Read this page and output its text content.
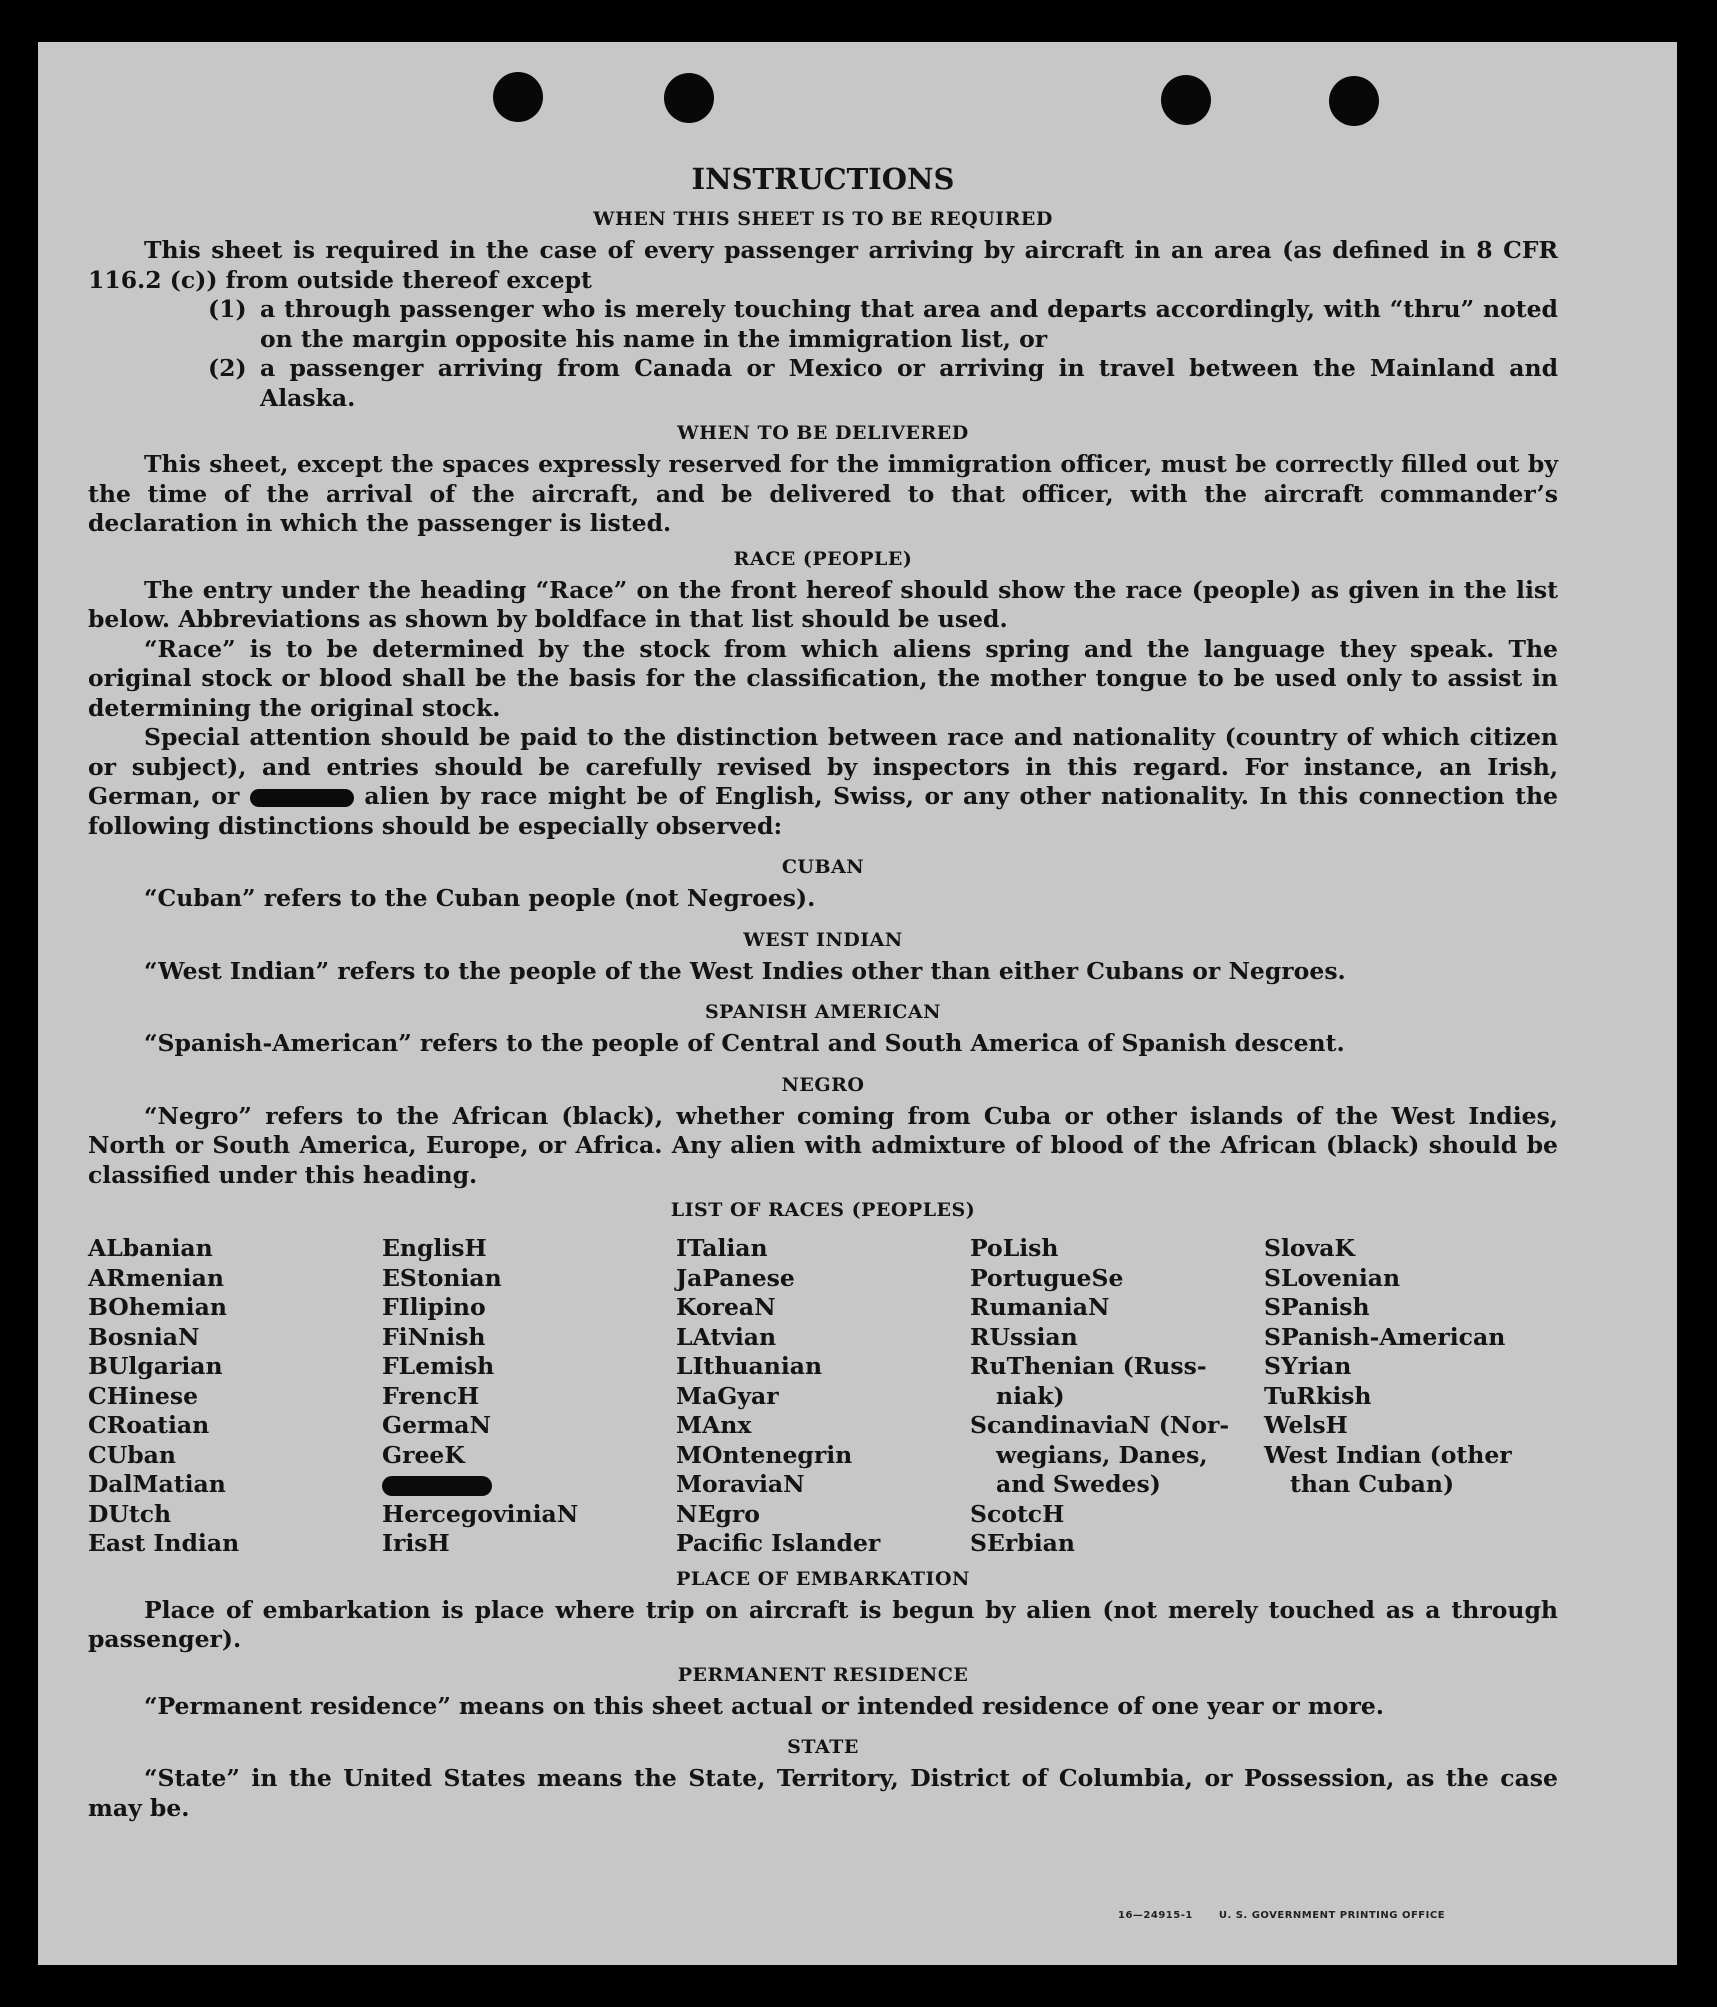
INSTRUCTIONS
WHEN THIS SHEET IS TO BE REQUIRED

This sheet is required in the case of every passenger arriving by aircraft in an area (as defined in 8 CFR 116.2 (c)) from outside thereof except

(1) a through passenger who is merely touching that area and departs accordingly, with “thru” noted on the margin opposite his name in the immigration list, or

(2) a passenger arriving from Canada or Mexico or arriving in travel between the Mainland and Alaska.

WHEN TO BE DELIVERED

This sheet, except the spaces expressly reserved for the immigration officer, must be correctly filled out by the time of the arrival of the aircraft, and be delivered to that officer, with the aircraft commander’s declaration in which the passenger is listed.

RACE (PEOPLE)

The entry under the heading “Race” on the front hereof should show the race (people) as given in the list below. Abbreviations as shown by boldface in that list should be used.

“Race” is to be determined by the stock from which aliens spring and the language they speak. The original stock or blood shall be the basis for the classification, the mother tongue to be used only to assist in determining the original stock.

Special attention should be paid to the distinction between race and nationality (country of which citizen or subject), and entries should be carefully revised by inspectors in this regard. For instance, an Irish, German, or	alien by race might be of English, Swiss, or any other nationality. In this connection the following distinctions should be especially observed:

CUBAN

“Cuban” refers to the Cuban people (not Negroes).

WEST INDIAN

“West Indian” refers to the people of the West Indies other than either Cubans or Negroes.

SPANISH AMERICAN

“Spanish-American” refers to the people of Central and South America of Spanish descent.

NEGRO

“Negro” refers to the African (black), whether coming from Cuba or other islands of the West Indies, North or South America, Europe, or Africa. Any alien with admixture of blood of the African (black) should be classified under this heading.

LIST OF RACES (PEOPLES)
ALbanian
ARmenian
BOhemian
BosniaN
BUlgarian
CHinese
CRoatian
CUban
DalMatian
DUtch
East Indian
EnglisH
EStonian
FIlipino
FiNnish
FLemish
FrencH
GermaN
GreeK
HercegoviniaN
IrisH
ITalian
JaPanese
KoreaN
LAtvian
LIthuanian
MaGyar
MAnx
MOntenegrin
MoraviaN
NEgro
Pacific Islander
PoLish
PortugueSe
RumaniaN
RUssian
RuThenian (Russ-
niak)
ScandinaviaN (Nor-
wegians, Danes,
and Swedes)
ScotcH
SErbian
SlovaK
SLovenian
SPanish
SPanish-American
SYrian
TuRkish
WelsH
West Indian (other
than Cuban)
PLACE OF EMBARKATION

Place of embarkation is place where trip on aircraft is begun by alien (not merely touched as a through passenger).

PERMANENT RESIDENCE

“Permanent residence” means on this sheet actual or intended residence of one year or more.

STATE

“State” in the United States means the State, Territory, District of Columbia, or Possession, as the case may be.

16—24915-1	U. S. GOVERNMENT PRINTING OFFICE
